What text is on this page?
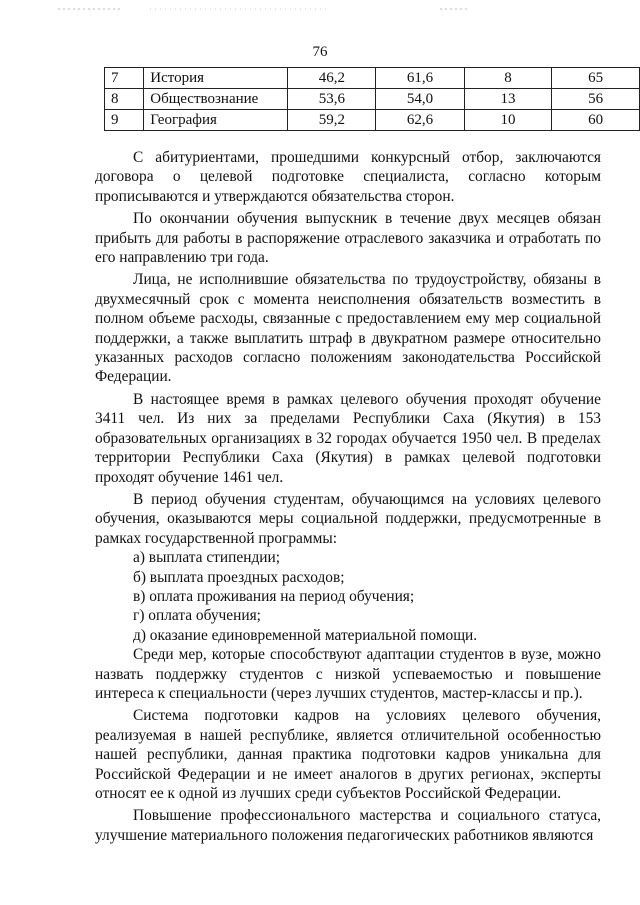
76
7	История	46,2	61,6	8	65
8	Обществознание	53,6	54,0	13	56
9	География	59,2	62,6	10	60

С абитуриентами, прошедшими конкурсный отбор, заключаются договора о целевой подготовке специалиста, согласно которым прописываются и утверждаются обязательства сторон.

По окончании обучения выпускник в течение двух месяцев обязан прибыть для работы в распоряжение отраслевого заказчика и отработать по его направлению три года.

Лица, не исполнившие обязательства по трудоустройству, обязаны в двухмесячный срок с момента неисполнения обязательств возместить в полном объеме расходы, связанные с предоставлением ему мер социальной поддержки, а также выплатить штраф в двукратном размере относительно указанных расходов согласно положениям законодательства Российской Федерации.

В настоящее время в рамках целевого обучения проходят обучение 3411 чел. Из них за пределами Республики Саха (Якутия) в 153 образовательных организациях в 32 городах обучается 1950 чел. В пределах территории Республики Саха (Якутия) в рамках целевой подготовки проходят обучение 1461 чел.

В период обучения студентам, обучающимся на условиях целевого обучения, оказываются меры социальной поддержки, предусмотренные в рамках государственной программы:

а) выплата стипендии;

б) выплата проездных расходов;

в) оплата проживания на период обучения;

г) оплата обучения;

д) оказание единовременной материальной помощи.

Среди мер, которые способствуют адаптации студентов в вузе, можно назвать поддержку студентов с низкой успеваемостью и повышение интереса к специальности (через лучших студентов, мастер-классы и пр.).

Система подготовки кадров на условиях целевого обучения, реализуемая в нашей республике, является отличительной особенностью нашей республики, данная практика подготовки кадров уникальна для Российской Федерации и не имеет аналогов в других регионах, эксперты относят ее к одной из лучших среди субъектов Российской Федерации.

Повышение профессионального мастерства и социального статуса, улучшение материального положения педагогических работников являются
